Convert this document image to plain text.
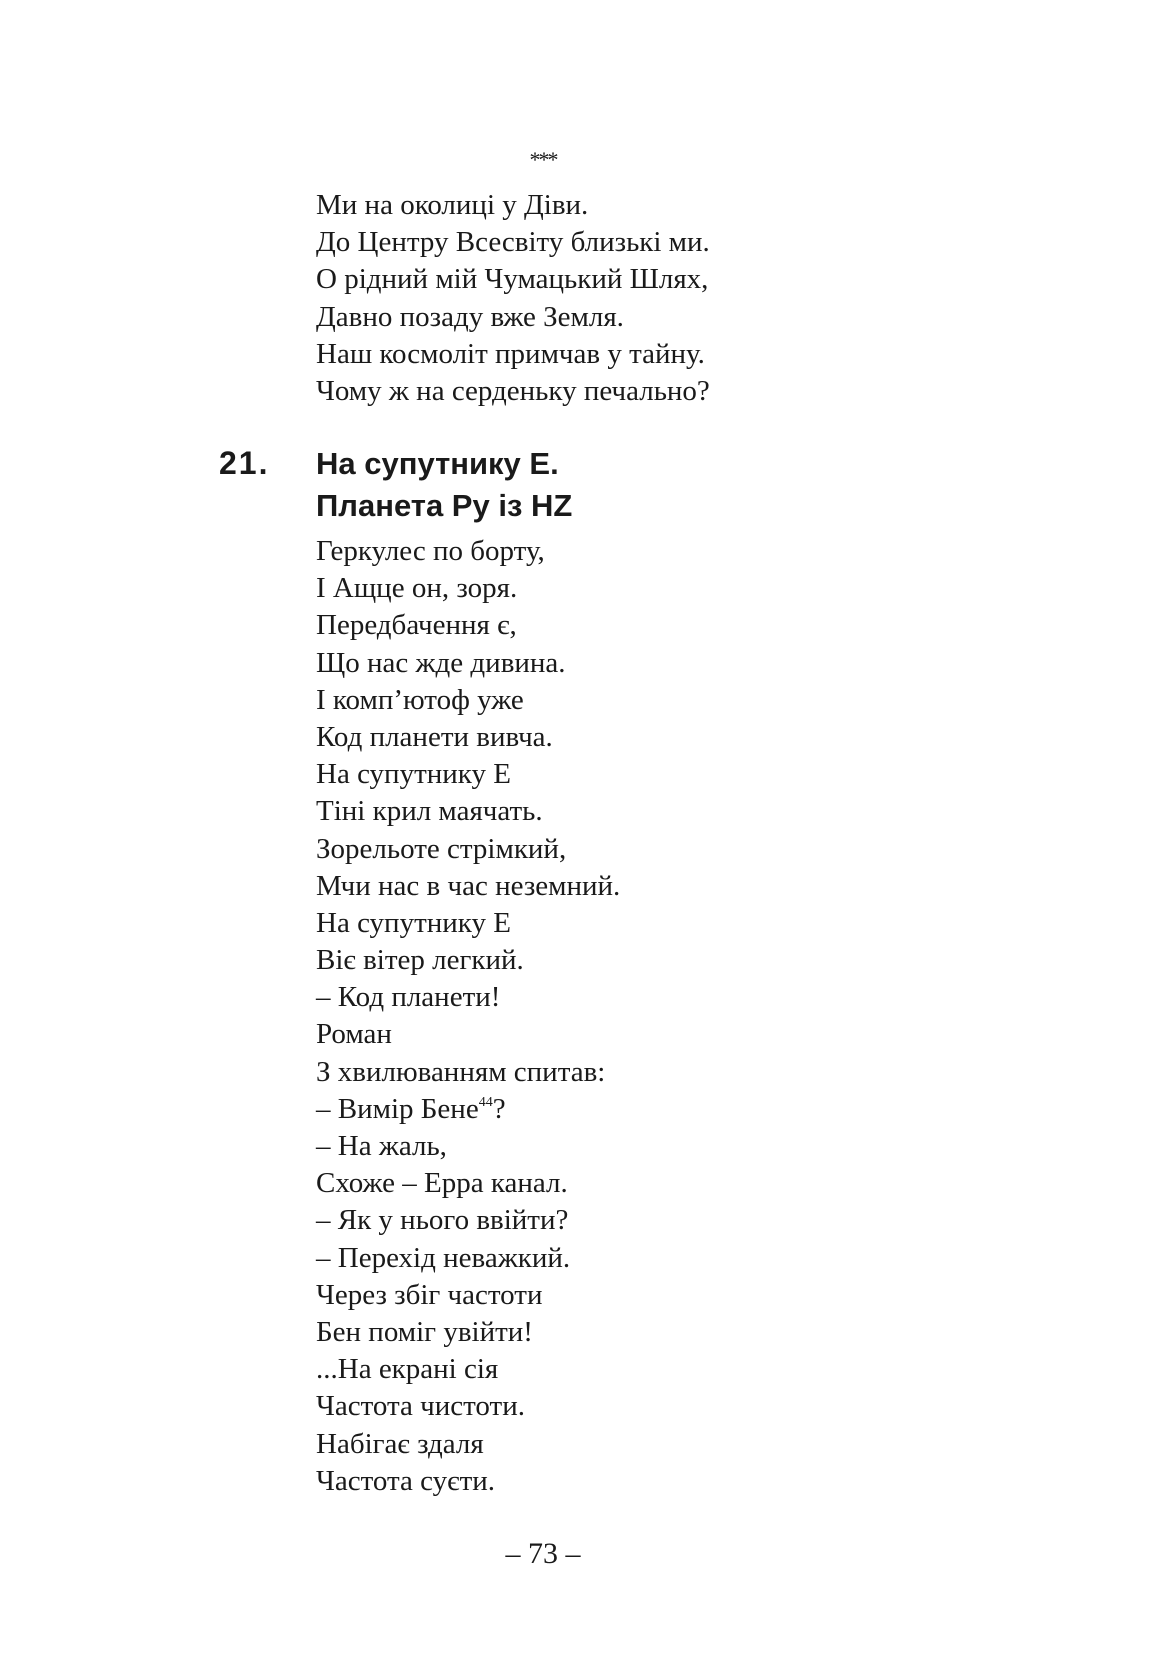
***
Ми на околиці у Діви.
До Центру Всесвіту близькі ми.
О рідний мій Чумацький Шлях,
Давно позаду вже Земля.
Наш космоліт примчав у тайну.
Чому ж на серденьку печально?
21. На супутнику Е.
Планета Ру із HZ
Геркулес по борту,
І Ащце он, зоря.
Передбачення є,
Що нас жде дивина.
І комп’ютоф уже
Код планети вивча.
На супутнику Е
Тіні крил маячать.
Зорельоте стрімкий,
Мчи нас в час неземний.
На супутнику Е
Віє вітер легкий.
– Код планети!
Роман
З хвилюванням спитав:
– Вимір Бене$^{44}$?
– На жаль,
Схоже – Ерра канал.
– Як у нього ввійти?
– Перехід неважкий.
Через збіг частоти
Бен поміг увійти!
...На екрані сія
Частота чистоти.
Набігає здаля
Частота суєти.
– 73 –
